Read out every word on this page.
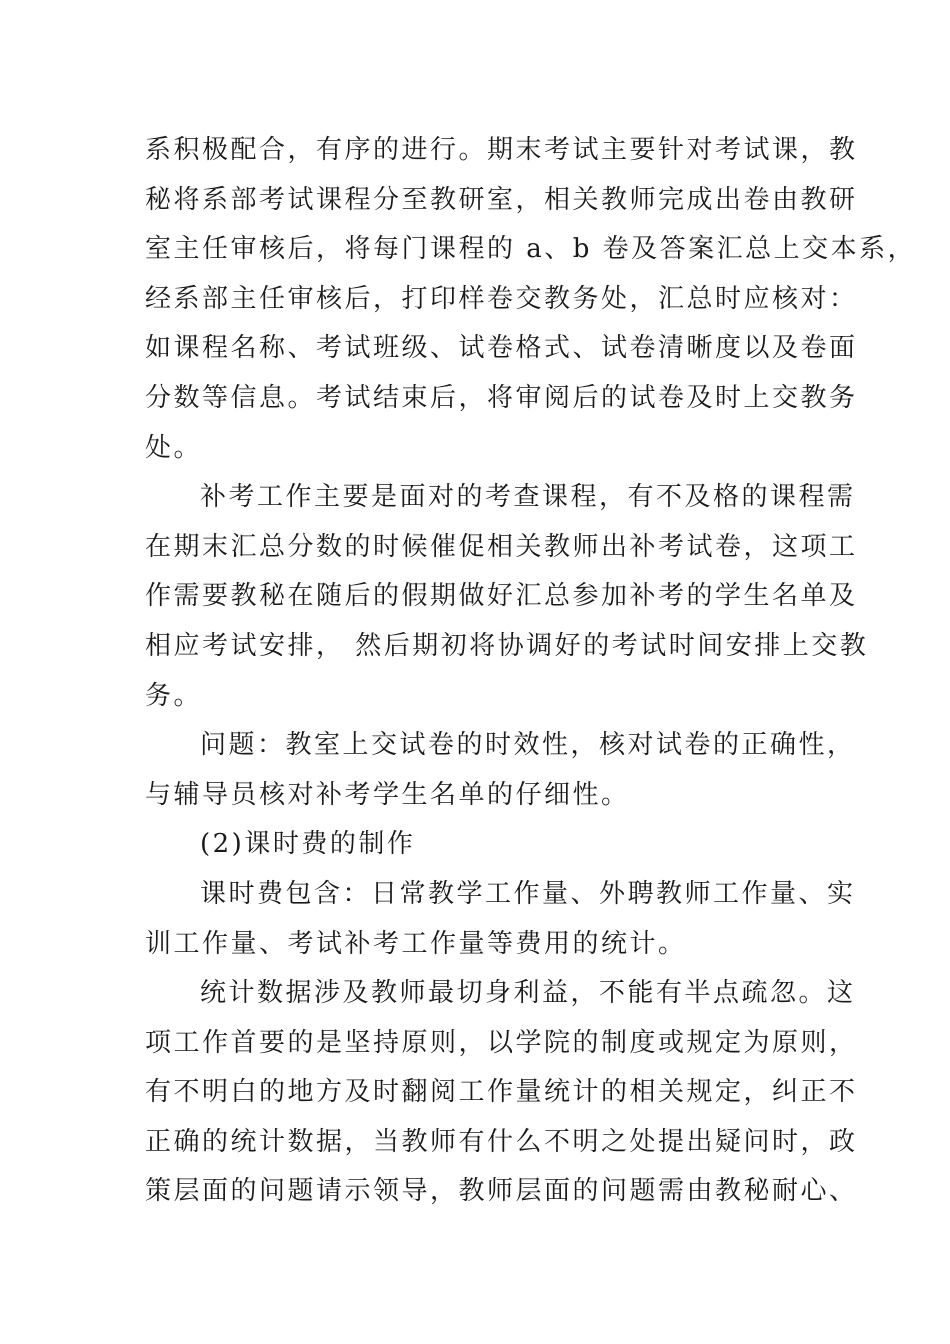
系积极配合，有序的进行。期末考试主要针对考试课，教
秘将系部考试课程分至教研室，相关教师完成出卷由教研
室主任审核后，将每门课程的 a、b 卷及答案汇总上交本系，
经系部主任审核后，打印样卷交教务处，汇总时应核对：
如课程名称、考试班级、试卷格式、试卷清晰度以及卷面
分数等信息。考试结束后，将审阅后的试卷及时上交教务
处。
补考工作主要是面对的考查课程，有不及格的课程需
在期末汇总分数的时候催促相关教师出补考试卷，这项工
作需要教秘在随后的假期做好汇总参加补考的学生名单及
相应考试安排， 然后期初将协调好的考试时间安排上交教
务。
问题：教室上交试卷的时效性，核对试卷的正确性，
与辅导员核对补考学生名单的仔细性。
(2)课时费的制作
课时费包含：日常教学工作量、外聘教师工作量、实
训工作量、考试补考工作量等费用的统计。
统计数据涉及教师最切身利益，不能有半点疏忽。这
项工作首要的是坚持原则，以学院的制度或规定为原则，
有不明白的地方及时翻阅工作量统计的相关规定，纠正不
正确的统计数据，当教师有什么不明之处提出疑问时，政
策层面的问题请示领导，教师层面的问题需由教秘耐心、
